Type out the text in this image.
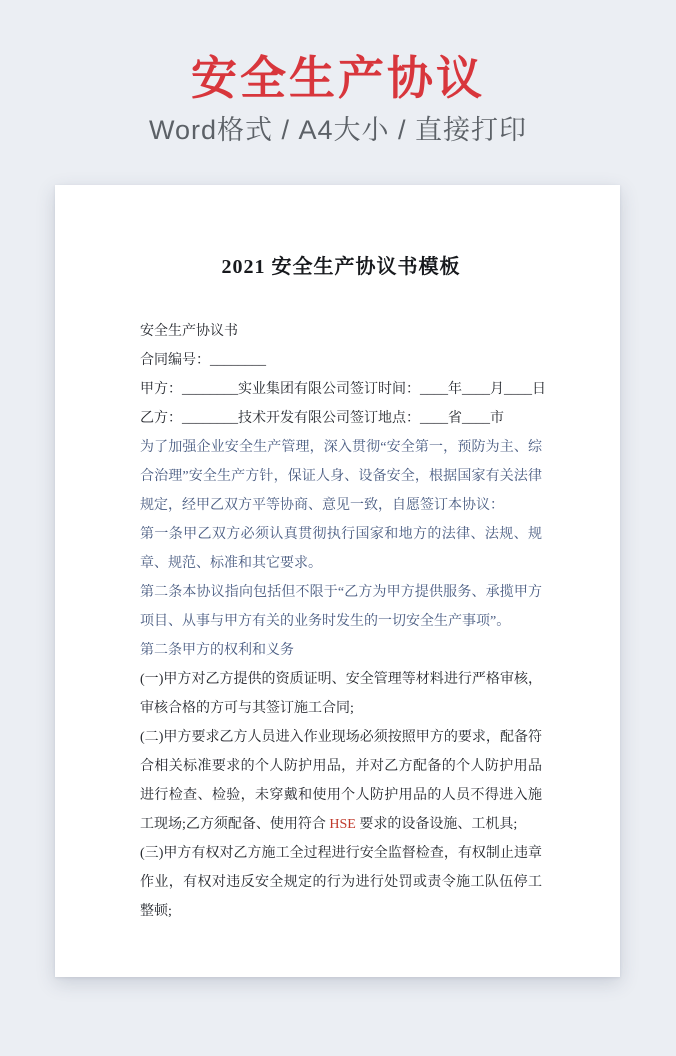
安全生产协议
Word格式 / A4大小 / 直接打印
2021 安全生产协议书模板

安全生产协议书

合同编号：________

甲方：________实业集团有限公司签订时间：____年____月____日

乙方：________技术开发有限公司签订地点：____省____市

为了加强企业安全生产管理，深入贯彻“安全第一，预防为主、综合治理”安全生产方针，保证人身、设备安全，根据国家有关法律规定，经甲乙双方平等协商、意见一致，自愿签订本协议：

第一条甲乙双方必须认真贯彻执行国家和地方的法律、法规、规章、规范、标准和其它要求。

第二条本协议指向包括但不限于“乙方为甲方提供服务、承揽甲方项目、从事与甲方有关的业务时发生的一切安全生产事项”。

第二条甲方的权利和义务

(一)甲方对乙方提供的资质证明、安全管理等材料进行严格审核，审核合格的方可与其签订施工合同;

(二)甲方要求乙方人员进入作业现场必须按照甲方的要求，配备符合相关标准要求的个人防护用品，并对乙方配备的个人防护用品进行检查、检验，未穿戴和使用个人防护用品的人员不得进入施工现场;乙方须配备、使用符合 HSE 要求的设备设施、工机具;

(三)甲方有权对乙方施工全过程进行安全监督检查，有权制止违章作业，有权对违反安全规定的行为进行处罚或责令施工队伍停工整顿;
